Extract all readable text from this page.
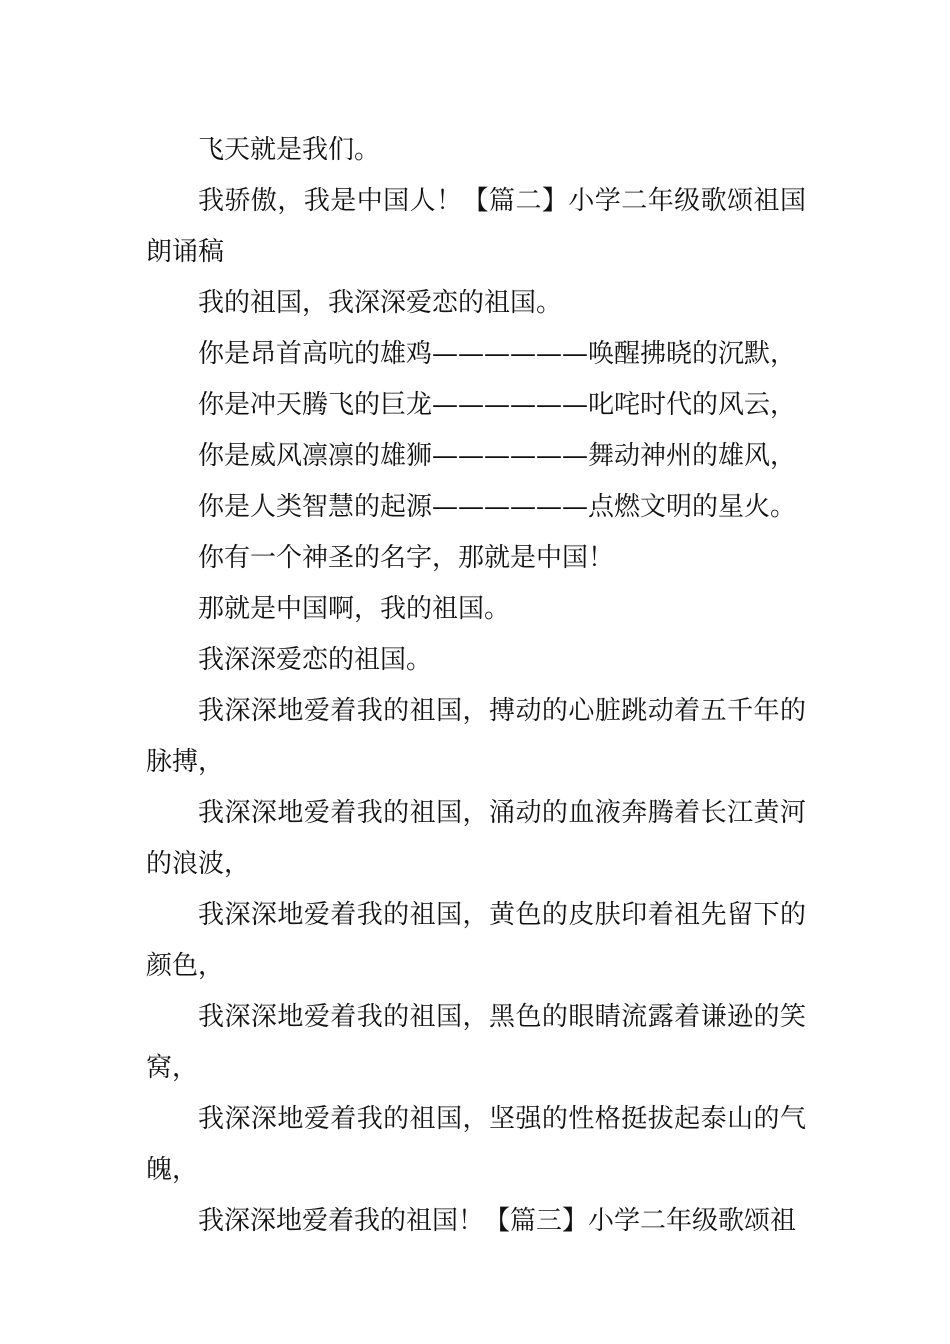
飞天就是我们。

我骄傲，我是中国人！【篇二】小学二年级歌颂祖国朗诵稿

我的祖国，我深深爱恋的祖国。

你是昂首高吭的雄鸡——————唤醒拂晓的沉默，

你是冲天腾飞的巨龙——————叱咤时代的风云，

你是威风凛凛的雄狮——————舞动神州的雄风，

你是人类智慧的起源——————点燃文明的星火。

你有一个神圣的名字，那就是中国！

那就是中国啊，我的祖国。

我深深爱恋的祖国。

我深深地爱着我的祖国，搏动的心脏跳动着五千年的脉搏，

我深深地爱着我的祖国，涌动的血液奔腾着长江黄河的浪波，

我深深地爱着我的祖国，黄色的皮肤印着祖先留下的颜色，

我深深地爱着我的祖国，黑色的眼睛流露着谦逊的笑窝，

我深深地爱着我的祖国，坚强的性格挺拔起泰山的气魄，

我深深地爱着我的祖国！【篇三】小学二年级歌颂祖
